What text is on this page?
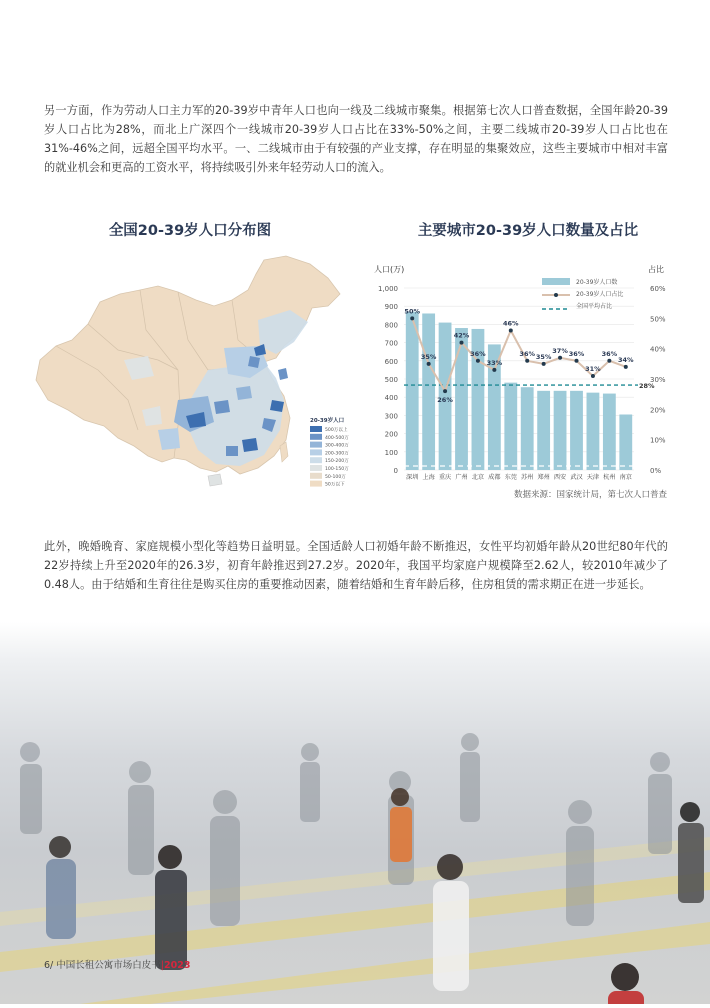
另一方面，作为劳动人口主力军的20-39岁中青年人口也向一线及二线城市聚集。根据第七次人口普查数据，全国年龄20-39岁人口占比为28%，而北上广深四个一线城市20-39岁人口占比在33%-50%之间，主要二线城市20-39岁人口占比也在31%-46%之间，远超全国平均水平。一、二线城市由于有较强的产业支撑，存在明显的集聚效应，这些主要城市中相对丰富的就业机会和更高的工资水平，将持续吸引外来年轻劳动人口的流入。

全国20-39岁人口分布图	主要城市20-39岁人口数量及占比
20-39岁人口
500万以上
400-500万
300-400万
200-300万
150-200万
100-150万
50-100万
50万以下
0
100
200
300
400
500
600
700
800
900
1,000
0%
10%
20%
30%
40%
50%
60%
人口(万)	占比
28%
50%
35%
26%
42%
36%
33%
46%
36% 35%
37% 36%
31%
36%
34%
深圳 上海 重庆 广州 北京 成都 东莞 苏州 郑州 西安 武汉 天津 杭州 南京
20-39岁人口数
20-39岁人口占比
全国平均占比
数据来源：国家统计局，第七次人口普查

此外，晚婚晚育、家庭规模小型化等趋势日益明显。全国适龄人口初婚年龄不断推迟，女性平均初婚年龄从20世纪80年代的22岁持续上升至2020年的26.3岁，初育年龄推迟到27.2岁。2020年，我国平均家庭户规模降至2.62人，较2010年减少了0.48人。由于结婚和生育往往是购买住房的重要推动因素，随着结婚和生育年龄后移，住房租赁的需求期正在进一步延长。

6/ 中国长租公寓市场白皮书|2023
